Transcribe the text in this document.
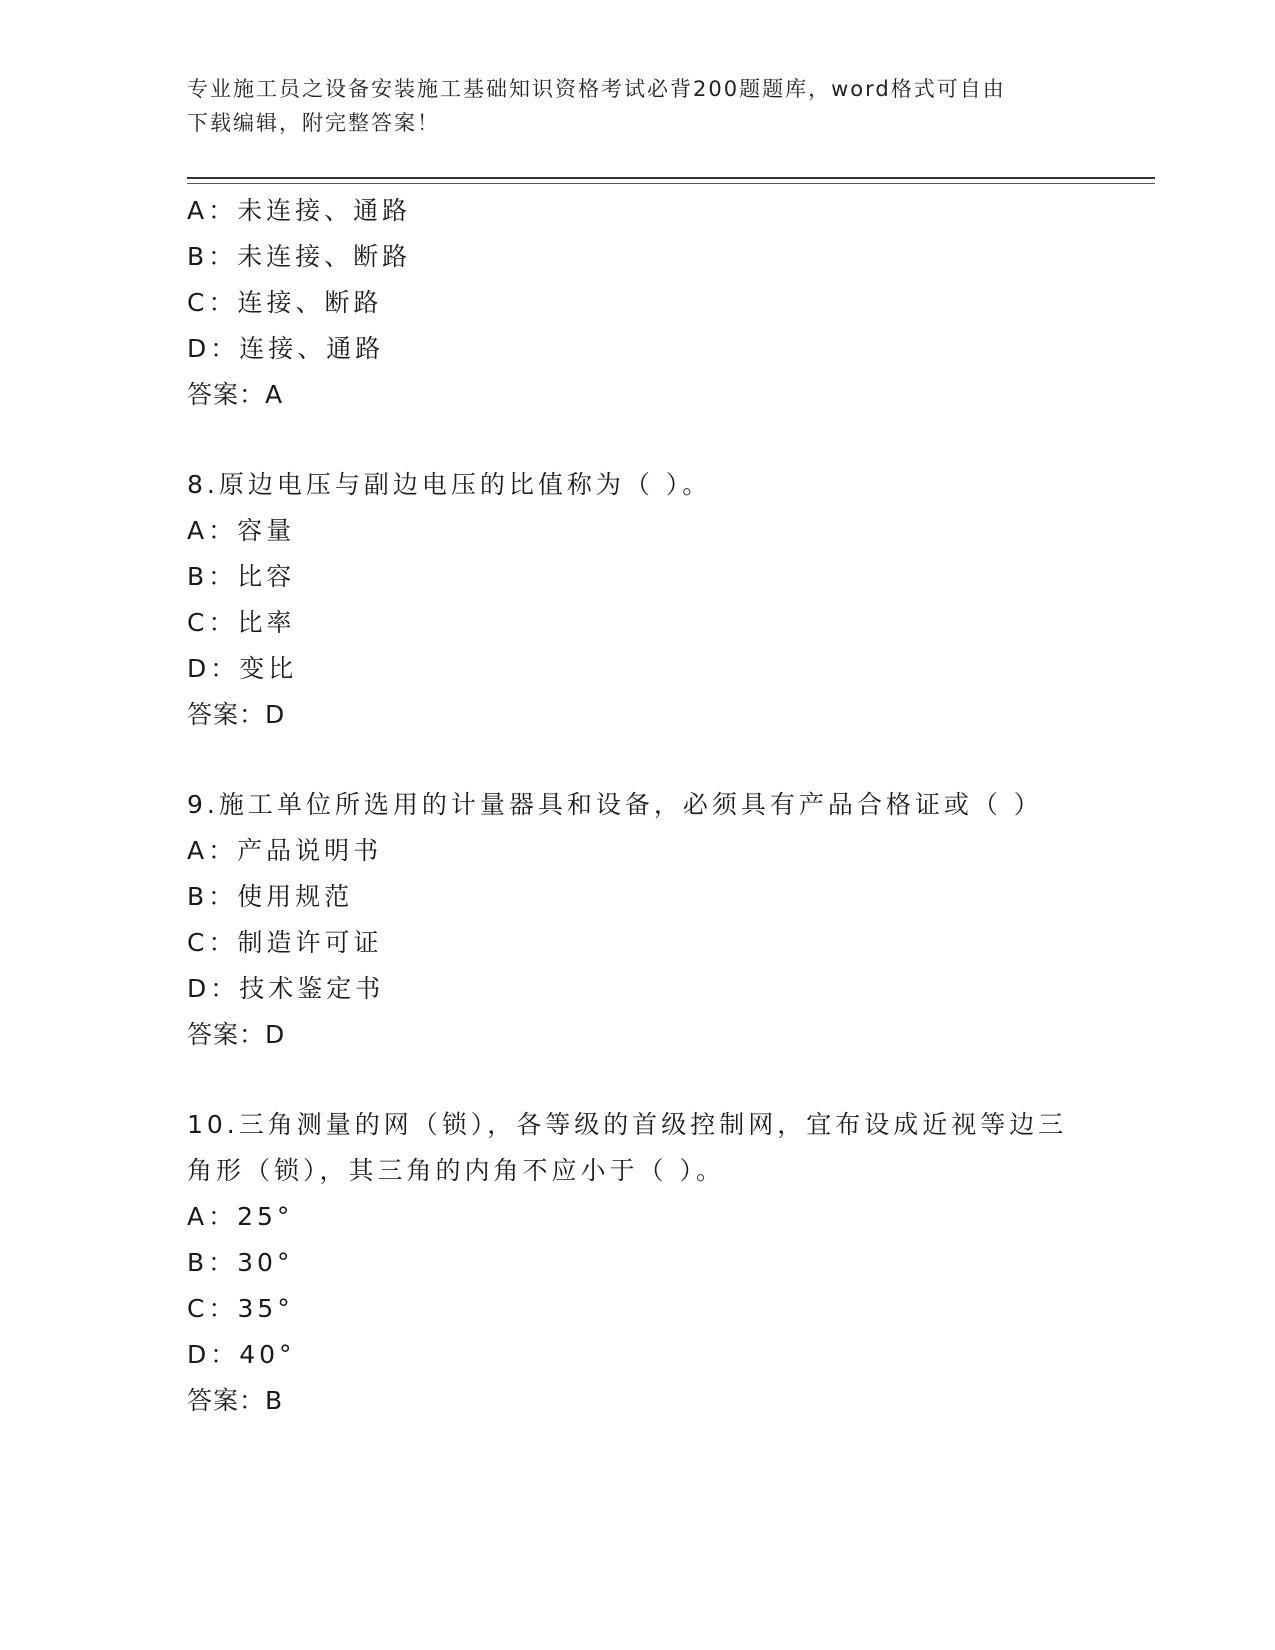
专业施工员之设备安装施工基础知识资格考试必背200题题库，word格式可自由
下载编辑，附完整答案！
A：未连接、通路
B：未连接、断路
C：连接、断路
D：连接、通路
答案：A
8.原边电压与副边电压的比值称为（ ）。
A：容量
B：比容
C：比率
D：变比
答案：D
9.施工单位所选用的计量器具和设备，必须具有产品合格证或（ ）
A：产品说明书
B：使用规范
C：制造许可证
D：技术鉴定书
答案：D
10.三角测量的网（锁），各等级的首级控制网，宜布设成近视等边三
角形（锁），其三角的内角不应小于（ ）。
A：25°
B：30°
C：35°
D：40°
答案：B
